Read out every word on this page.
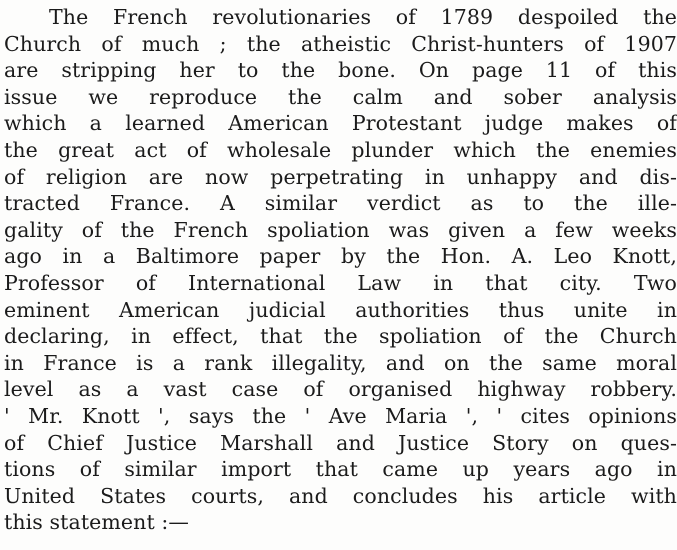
The French revolutionaries of 1789 despoiled the
Church of much ; the atheistic Christ-hunters of 1907
are stripping her to the bone. On page 11 of this
issue we reproduce the calm and sober analysis
which a learned American Protestant judge makes of
the great act of wholesale plunder which the enemies
of religion are now perpetrating in unhappy and dis-
tracted France. A similar verdict as to the ille-
gality of the French spoliation was given a few weeks
ago in a Baltimore paper by the Hon. A. Leo Knott,
Professor of International Law in that city. Two
eminent American judicial authorities thus unite in
declaring, in effect, that the spoliation of the Church
in France is a rank illegality, and on the same moral
level as a vast case of organised highway robbery.
' Mr. Knott ', says the ' Ave Maria ', ' cites opinions
of Chief Justice Marshall and Justice Story on ques-
tions of similar import that came up years ago in
United States courts, and concludes his article with
this statement :—
